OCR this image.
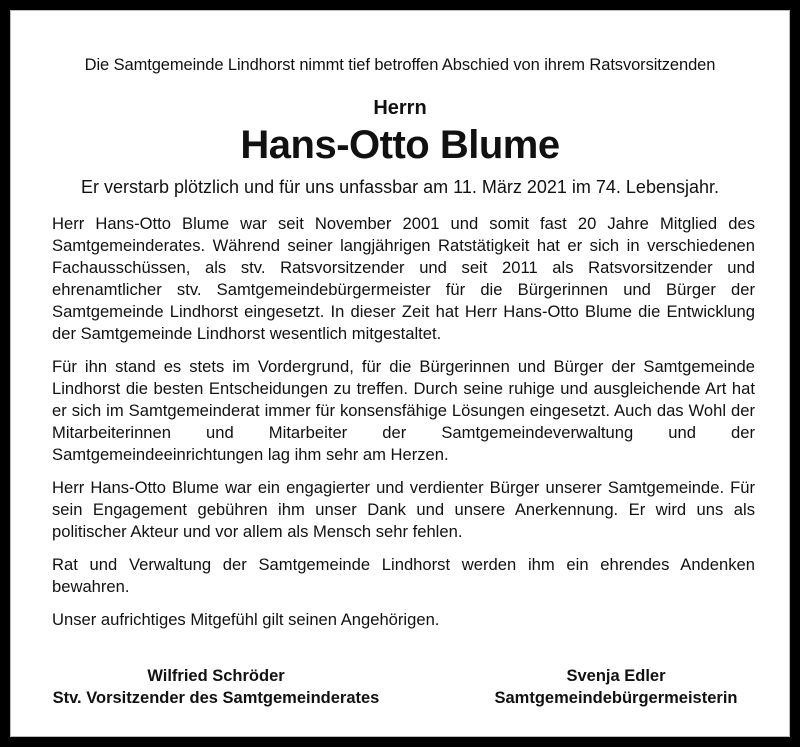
Die Samtgemeinde Lindhorst nimmt tief betroffen Abschied von ihrem Ratsvorsitzenden
Herrn
Hans-Otto Blume
Er verstarb plötzlich und für uns unfassbar am 11. März 2021 im 74. Lebensjahr.

Herr Hans-Otto Blume war seit November 2001 und somit fast 20 Jahre Mitglied des Samtgemeinderates. Während seiner langjährigen Ratstätigkeit hat er sich in verschiedenen Fachausschüssen, als stv. Ratsvorsitzender und seit 2011 als Ratsvorsitzender und ehrenamtlicher stv. Samtgemeindebürgermeister für die Bürgerinnen und Bürger der Samtgemeinde Lindhorst eingesetzt. In dieser Zeit hat Herr Hans-Otto Blume die Entwicklung der Samtgemeinde Lindhorst wesentlich mitgestaltet.

Für ihn stand es stets im Vordergrund, für die Bürgerinnen und Bürger der Samtgemeinde Lindhorst die besten Entscheidungen zu treffen. Durch seine ruhige und ausgleichende Art hat er sich im Samtgemeinderat immer für konsensfähige Lösungen eingesetzt. Auch das Wohl der Mitarbeiterinnen und Mitarbeiter der Samtgemeindeverwaltung und der Samtgemeindeeinrichtungen lag ihm sehr am Herzen.

Herr Hans-Otto Blume war ein engagierter und verdienter Bürger unserer Samtgemeinde. Für sein Engagement gebühren ihm unser Dank und unsere Anerkennung. Er wird uns als politischer Akteur und vor allem als Mensch sehr fehlen.

Rat und Verwaltung der Samtgemeinde Lindhorst werden ihm ein ehrendes Andenken bewahren.

Unser aufrichtiges Mitgefühl gilt seinen Angehörigen.

Wilfried Schröder
Stv. Vorsitzender des Samtgemeinderates
Svenja Edler
Samtgemeindebürgermeisterin
